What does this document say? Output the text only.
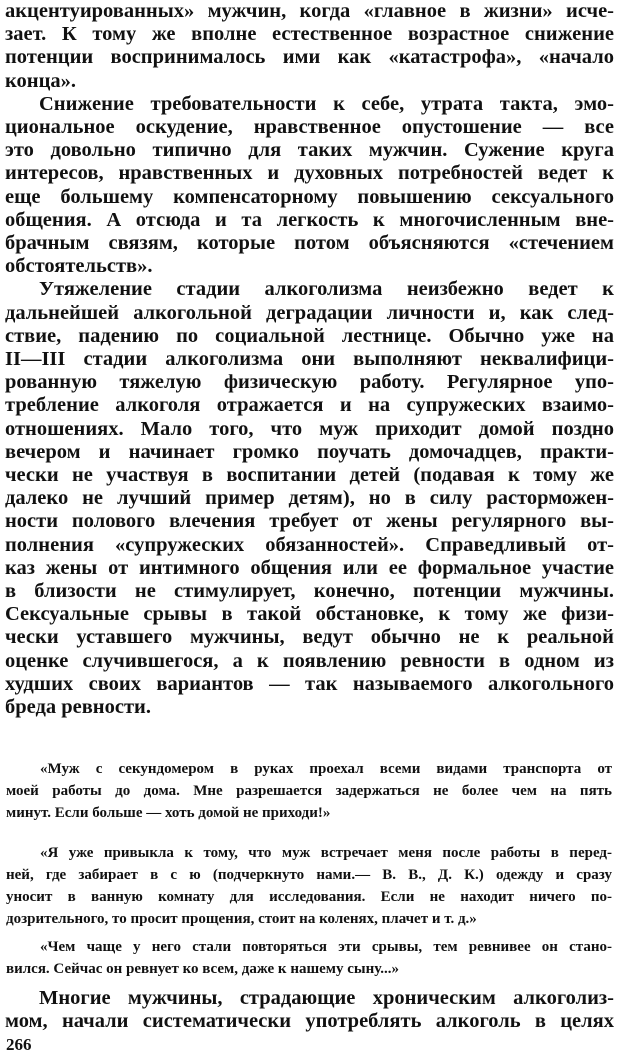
акцентуированных» мужчин, когда «главное в жизни» исче-
зает. К тому же вполне естественное возрастное снижение
потенции воспринималось ими как «катастрофа», «начало
конца».
Снижение требовательности к себе, утрата такта, эмо-
циональное оскудение, нравственное опустошение — все
это довольно типично для таких мужчин. Сужение круга
интересов, нравственных и духовных потребностей ведет к
еще большему компенсаторному повышению сексуального
общения. А отсюда и та легкость к многочисленным вне-
брачным связям, которые потом объясняются «стечением
обстоятельств».
Утяжеление стадии алкоголизма неизбежно ведет к
дальнейшей алкогольной деградации личности и, как след-
ствие, падению по социальной лестнице. Обычно уже на
II—III стадии алкоголизма они выполняют неквалифици-
рованную тяжелую физическую работу. Регулярное упо-
требление алкоголя отражается и на супружеских взаимо-
отношениях. Мало того, что муж приходит домой поздно
вечером и начинает громко поучать домочадцев, практи-
чески не участвуя в воспитании детей (подавая к тому же
далеко не лучший пример детям), но в силу расторможен-
ности полового влечения требует от жены регулярного вы-
полнения «супружеских обязанностей». Справедливый от-
каз жены от интимного общения или ее формальное участие
в близости не стимулирует, конечно, потенции мужчины.
Сексуальные срывы в такой обстановке, к тому же физи-
чески уставшего мужчины, ведут обычно не к реальной
оценке случившегося, а к появлению ревности в одном из
худших своих вариантов — так называемого алкогольного
бреда ревности.
«Муж с секундомером в руках проехал всеми видами транспорта от
моей работы до дома. Мне разрешается задержаться не более чем на пять
минут. Если больше — хоть домой не приходи!»
«Я уже привыкла к тому, что муж встречает меня после работы в перед-
ней, где забирает в с ю (подчеркнуто нами.— В. В., Д. К.) одежду и сразу
уносит в ванную комнату для исследования. Если не находит ничего по-
дозрительного, то просит прощения, стоит на коленях, плачет и т. д.»
«Чем чаще у него стали повторяться эти срывы, тем ревнивее он стано-
вился. Сейчас он ревнует ко всем, даже к нашему сыну...»
Многие мужчины, страдающие хроническим алкоголиз-
мом, начали систематически употреблять алкоголь в целях
266
